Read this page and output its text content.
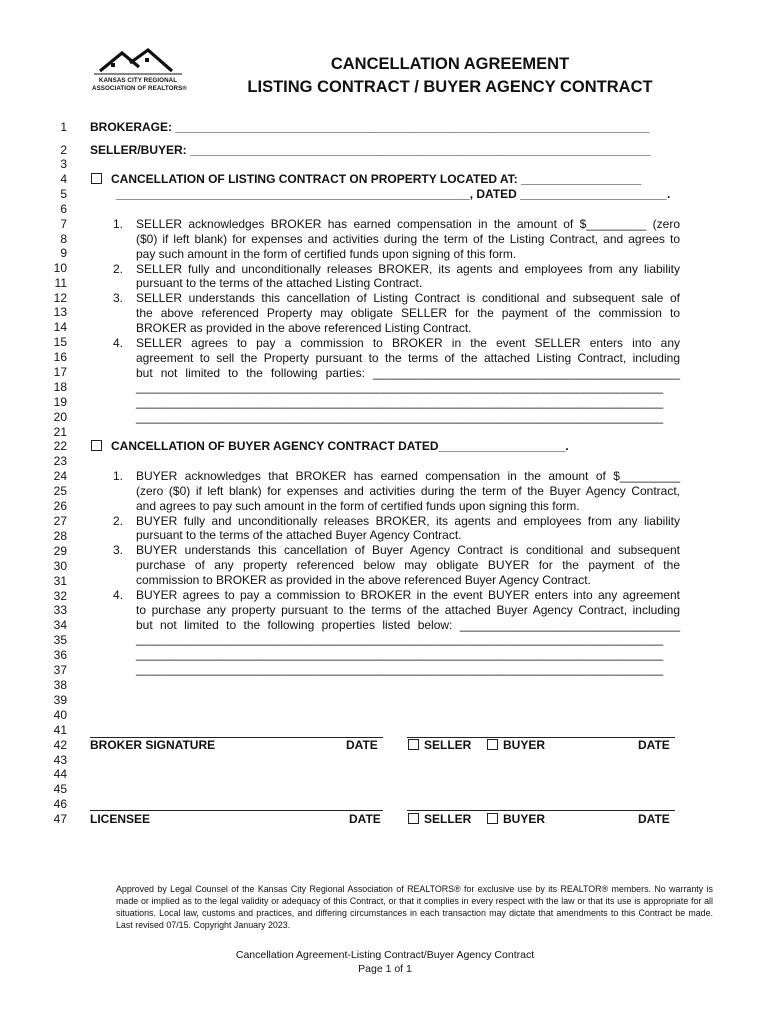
KANSAS CITY REGIONAL
ASSOCIATION OF REALTORS®
CANCELLATION AGREEMENT
LISTING CONTRACT / BUYER AGENCY CONTRACT
1
2
3
4
5
6
7
8
9
10
11
12
13
14
15
16
17
18
19
20
21
22
23
24
25
26
27
28
29
30
31
32
33
34
35
36
37
38
39
40
41
42
43
44
45
46
47
BROKERAGE: _______________________________________________________________________
SELLER/BUYER: _____________________________________________________________________
CANCELLATION OF LISTING CONTRACT ON PROPERTY LOCATED AT: __________________
_____________________________________________________, DATED ______________________.
1. SELLER acknowledges BROKER has earned compensation in the amount of $_________ (zero
($0) if left blank) for expenses and activities during the term of the Listing Contract, and agrees to
pay such amount in the form of certified funds upon signing of this form.
2. SELLER fully and unconditionally releases BROKER, its agents and employees from any liability
pursuant to the terms of the attached Listing Contract.
3. SELLER understands this cancellation of Listing Contract is conditional and subsequent sale of
the above referenced Property may obligate SELLER for the payment of the commission to
BROKER as provided in the above referenced Listing Contract.
4. SELLER agrees to pay a commission to BROKER in the event SELLER enters into any
agreement to sell the Property pursuant to the terms of the attached Listing Contract, including
but not limited to the following parties: ______________________________________________
_______________________________________________________________________________
_______________________________________________________________________________
_______________________________________________________________________________
CANCELLATION OF BUYER AGENCY CONTRACT DATED___________________.
1. BUYER acknowledges that BROKER has earned compensation in the amount of $_________
(zero ($0) if left blank) for expenses and activities during the term of the Buyer Agency Contract,
and agrees to pay such amount in the form of certified funds upon signing this form.
2. BUYER fully and unconditionally releases BROKER, its agents and employees from any liability
pursuant to the terms of the attached Buyer Agency Contract.
3. BUYER understands this cancellation of Buyer Agency Contract is conditional and subsequent
purchase of any property referenced below may obligate BUYER for the payment of the
commission to BROKER as provided in the above referenced Buyer Agency Contract.
4. BUYER agrees to pay a commission to BROKER in the event BUYER enters into any agreement
to purchase any property pursuant to the terms of the attached Buyer Agency Contract, including
but not limited to the following properties listed below: _________________________________
_______________________________________________________________________________
_______________________________________________________________________________
_______________________________________________________________________________
BROKER SIGNATURE	DATE	SELLER	BUYER	DATE
LICENSEE	DATE	SELLER	BUYER	DATE
Approved by Legal Counsel of the Kansas City Regional Association of REALTORS® for exclusive use by its REALTOR® members. No warranty is made or implied as to the legal validity or adequacy of this Contract, or that it complies in every respect with the law or that its use is appropriate for all situations. Local law, customs and practices, and differing circumstances in each transaction may dictate that amendments to this Contract be made. Last revised 07/15. Copyright January 2023.
Cancellation Agreement-Listing Contract/Buyer Agency Contract
Page 1 of 1
